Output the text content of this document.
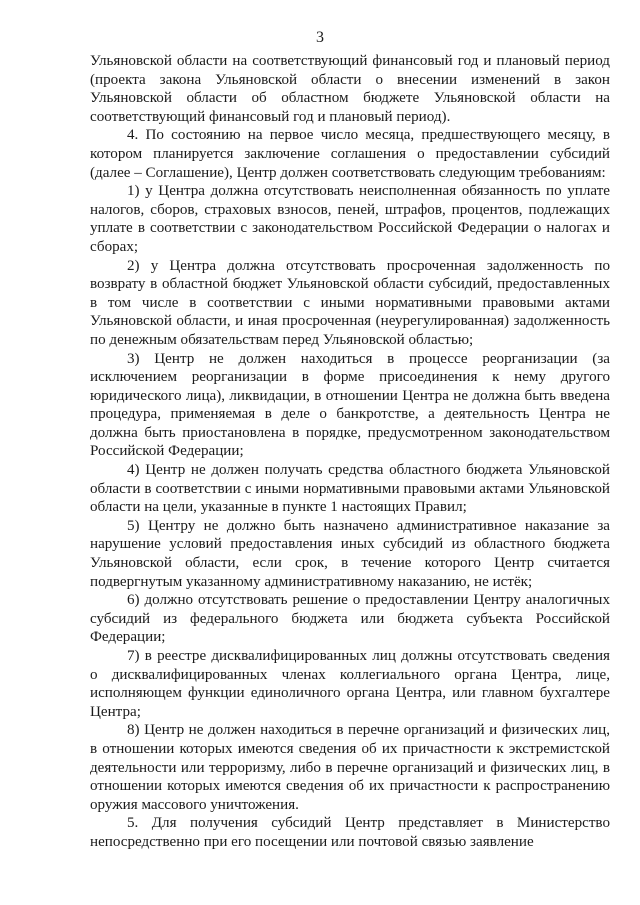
3

Ульяновской области на соответствующий финансовый год и плановый период (проекта закона Ульяновской области о внесении изменений в закон Ульяновской области об областном бюджете Ульяновской области на соответствующий финансовый год и плановый период).

4. По состоянию на первое число месяца, предшествующего месяцу, в котором планируется заключение соглашения о предоставлении субсидий (далее – Соглашение), Центр должен соответствовать следующим требованиям:

1) у Центра должна отсутствовать неисполненная обязанность по уплате налогов, сборов, страховых взносов, пеней, штрафов, процентов, подлежащих уплате в соответствии с законодательством Российской Федерации о налогах и сборах;

2) у Центра должна отсутствовать просроченная задолженность по возврату в областной бюджет Ульяновской области субсидий, предоставленных в том числе в соответствии с иными нормативными правовыми актами Ульяновской области, и иная просроченная (неурегулированная) задолженность по денежным обязательствам перед Ульяновской областью;

3) Центр не должен находиться в процессе реорганизации (за исключением реорганизации в форме присоединения к нему другого юридического лица), ликвидации, в отношении Центра не должна быть введена процедура, применяемая в деле о банкротстве, а деятельность Центра не должна быть приостановлена в порядке, предусмотренном законодательством Российской Федерации;

4) Центр не должен получать средства областного бюджета Ульяновской области в соответствии с иными нормативными правовыми актами Ульяновской области на цели, указанные в пункте 1 настоящих Правил;

5) Центру не должно быть назначено административное наказание за нарушение условий предоставления иных субсидий из областного бюджета Ульяновской области, если срок, в течение которого Центр считается подвергнутым указанному административному наказанию, не истёк;

6) должно отсутствовать решение о предоставлении Центру аналогичных субсидий из федерального бюджета или бюджета субъекта Российской Федерации;

7) в реестре дисквалифицированных лиц должны отсутствовать сведения о дисквалифицированных членах коллегиального органа Центра, лице, исполняющем функции единоличного органа Центра, или главном бухгалтере Центра;

8) Центр не должен находиться в перечне организаций и физических лиц, в отношении которых имеются сведения об их причастности к экстремистской деятельности или терроризму, либо в перечне организаций и физических лиц, в отношении которых имеются сведения об их причастности к распространению оружия массового уничтожения.

5. Для получения субсидий Центр представляет в Министерство непосредственно при его посещении или почтовой связью заявление
